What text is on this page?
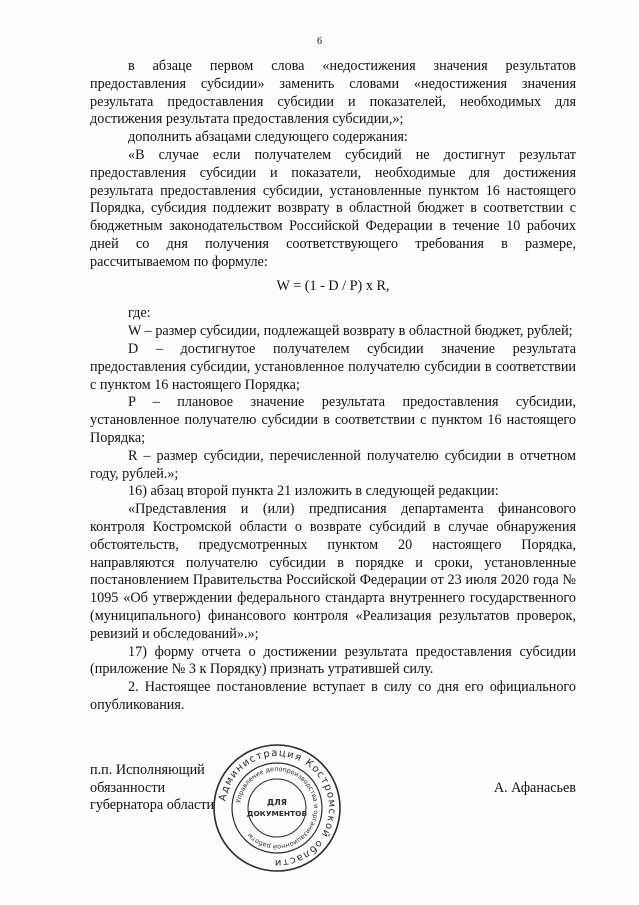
6

в абзаце первом слова «недостижения значения результатов предоставления субсидии» заменить словами «недостижения значения результата предоставления субсидии и показателей, необходимых для достижения результата предоставления субсидии,»;

дополнить абзацами следующего содержания:

«В случае если получателем субсидий не достигнут результат предоставления субсидии и показатели, необходимые для достижения результата предоставления субсидии, установленные пунктом 16 настоящего Порядка, субсидия подлежит возврату в областной бюджет в соответствии с бюджетным законодательством Российской Федерации в течение 10 рабочих дней со дня получения соответствующего требования в размере, рассчитываемом по формуле:

W = (1 - D / P) x R,

где:

W – размер субсидии, подлежащей возврату в областной бюджет, рублей;

D – достигнутое получателем субсидии значение результата предоставления субсидии, установленное получателю субсидии в соответствии с пунктом 16 настоящего Порядка;

P – плановое значение результата предоставления субсидии, установленное получателю субсидии в соответствии с пунктом 16 настоящего Порядка;

R – размер субсидии, перечисленной получателю субсидии в отчетном году, рублей.»;

16) абзац второй пункта 21 изложить в следующей редакции:

«Представления и (или) предписания департамента финансового контроля Костромской области о возврате субсидий в случае обнаружения обстоятельств, предусмотренных пунктом 20 настоящего Порядка, направляются получателю субсидии в порядке и сроки, установленные постановлением Правительства Российской Федерации от 23 июля 2020 года № 1095 «Об утверждении федерального стандарта внутреннего государственного (муниципального) финансового контроля «Реализация результатов проверок, ревизий и обследований».»;

17) форму отчета о достижении результата предоставления субсидии (приложение № 3 к Порядку) признать утратившей силу.

2. Настоящее постановление вступает в силу со дня его официального опубликования.

п.п. Исполняющий обязанности
губернатора области
А. Афанасьев
Администрация Костромской области
Управление делопроизводства и организационной работы
ДЛЯ
ДОКУМЕНТОВ
